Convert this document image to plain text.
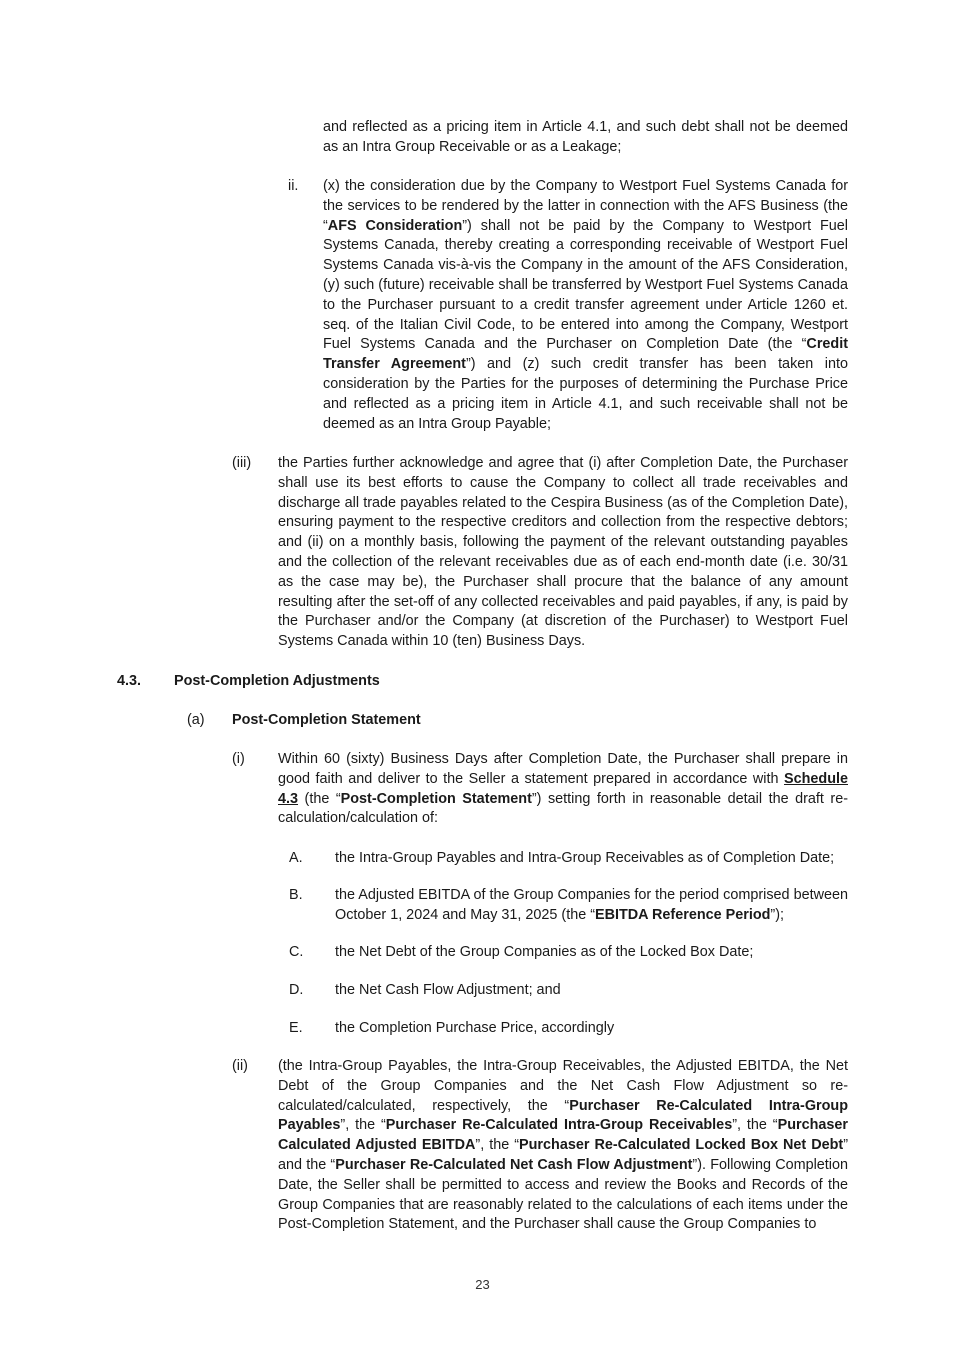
and reflected as a pricing item in Article 4.1, and such debt shall not be deemed as an Intra Group Receivable or as a Leakage;
ii. (x) the consideration due by the Company to Westport Fuel Systems Canada for the services to be rendered by the latter in connection with the AFS Business (the “AFS Consideration”) shall not be paid by the Company to Westport Fuel Systems Canada, thereby creating a corresponding receivable of Westport Fuel Systems Canada vis-à-vis the Company in the amount of the AFS Consideration, (y) such (future) receivable shall be transferred by Westport Fuel Systems Canada to the Purchaser pursuant to a credit transfer agreement under Article 1260 et. seq. of the Italian Civil Code, to be entered into among the Company, Westport Fuel Systems Canada and the Purchaser on Completion Date (the “Credit Transfer Agreement”) and (z) such credit transfer has been taken into consideration by the Parties for the purposes of determining the Purchase Price and reflected as a pricing item in Article 4.1, and such receivable shall not be deemed as an Intra Group Payable;
(iii) the Parties further acknowledge and agree that (i) after Completion Date, the Purchaser shall use its best efforts to cause the Company to collect all trade receivables and discharge all trade payables related to the Cespira Business (as of the Completion Date), ensuring payment to the respective creditors and collection from the respective debtors; and (ii) on a monthly basis, following the payment of the relevant outstanding payables and the collection of the relevant receivables due as of each end-month date (i.e. 30/31 as the case may be), the Purchaser shall procure that the balance of any amount resulting after the set-off of any collected receivables and paid payables, if any, is paid by the Purchaser and/or the Company (at discretion of the Purchaser) to Westport Fuel Systems Canada within 10 (ten) Business Days.
4.3. Post-Completion Adjustments
(a) Post-Completion Statement
(i) Within 60 (sixty) Business Days after Completion Date, the Purchaser shall prepare in good faith and deliver to the Seller a statement prepared in accordance with Schedule 4.3 (the “Post-Completion Statement”) setting forth in reasonable detail the draft re-calculation/calculation of:
A. the Intra-Group Payables and Intra-Group Receivables as of Completion Date;
B. the Adjusted EBITDA of the Group Companies for the period comprised between October 1, 2024 and May 31, 2025 (the “EBITDA Reference Period”);
C. the Net Debt of the Group Companies as of the Locked Box Date;
D. the Net Cash Flow Adjustment; and
E. the Completion Purchase Price, accordingly
(ii) (the Intra-Group Payables, the Intra-Group Receivables, the Adjusted EBITDA, the Net Debt of the Group Companies and the Net Cash Flow Adjustment so re-calculated/calculated, respectively, the “Purchaser Re-Calculated Intra-Group Payables”, the “Purchaser Re-Calculated Intra-Group Receivables”, the “Purchaser Calculated Adjusted EBITDA”, the “Purchaser Re-Calculated Locked Box Net Debt” and the “Purchaser Re-Calculated Net Cash Flow Adjustment”). Following Completion Date, the Seller shall be permitted to access and review the Books and Records of the Group Companies that are reasonably related to the calculations of each items under the Post-Completion Statement, and the Purchaser shall cause the Group Companies to
23
